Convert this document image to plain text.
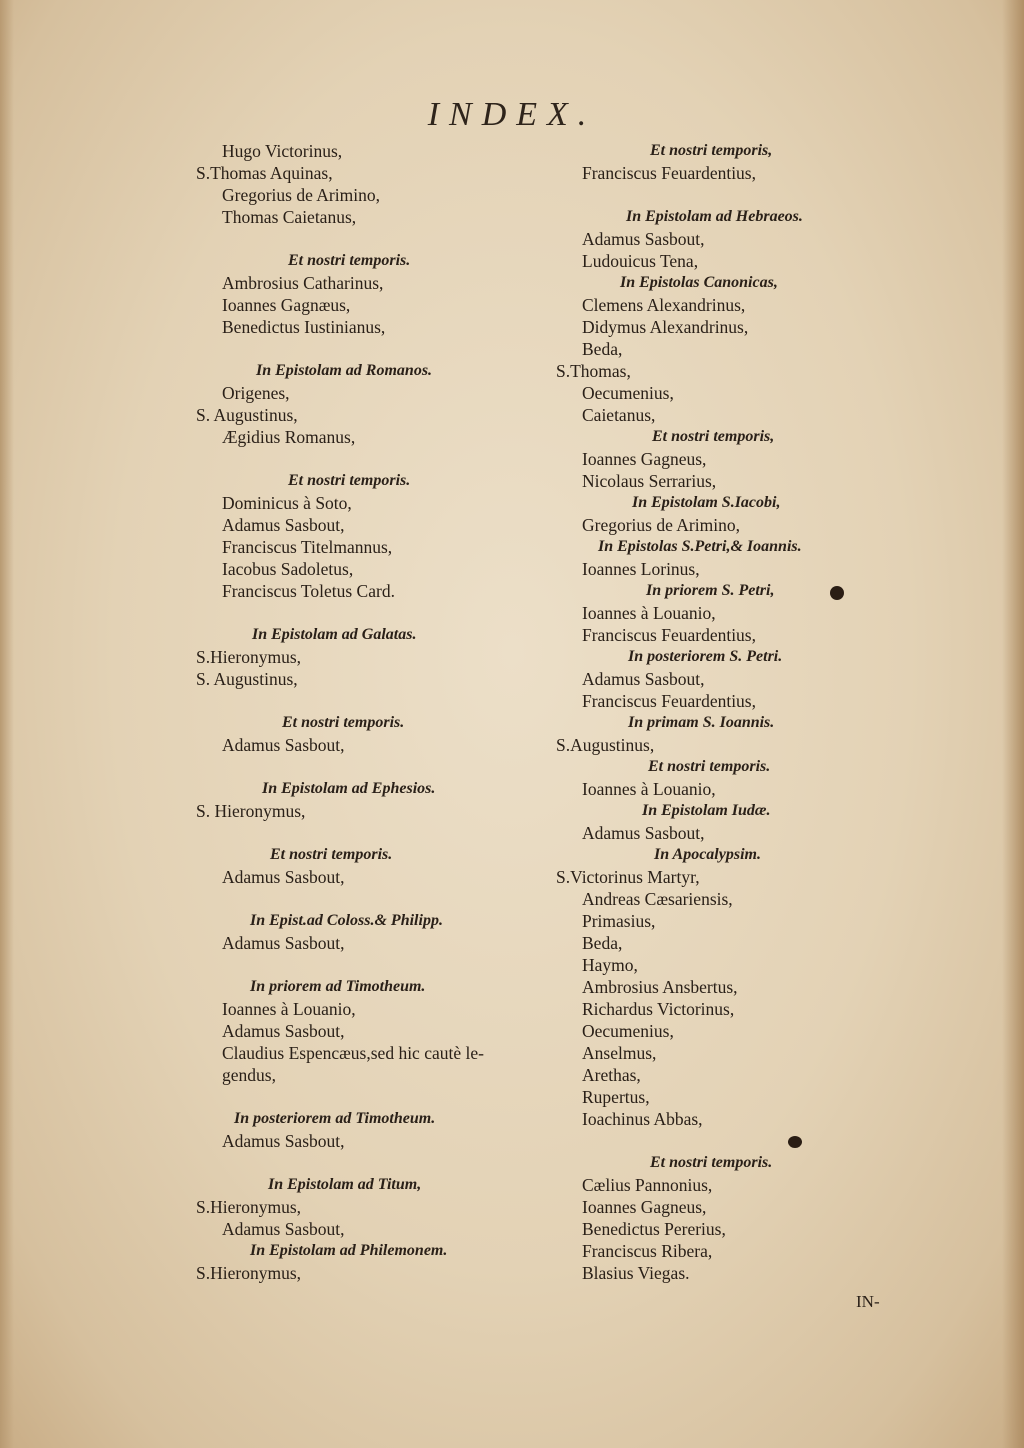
INDEX.
Hugo Victorinus,
S.Thomas Aquinas,
Gregorius de Arimino,
Thomas Caietanus,
Et nostri temporis.
Ambrosius Catharinus,
Ioannes Gagnæus,
Benedictus Iustinianus,
In Epistolam ad Romanos.
Origenes,
S. Augustinus,
Ægidius Romanus,
Et nostri temporis.
Dominicus à Soto,
Adamus Sasbout,
Franciscus Titelmannus,
Iacobus Sadoletus,
Franciscus Toletus Card.
In Epistolam ad Galatas.
S.Hieronymus,
S. Augustinus,
Et nostri temporis.
Adamus Sasbout,
In Epistolam ad Ephesios.
S. Hieronymus,
Et nostri temporis.
Adamus Sasbout,
In Epist.ad Coloss.& Philipp.
Adamus Sasbout,
In priorem ad Timotheum.
Ioannes à Louanio,
Adamus Sasbout,
Claudius Espencæus,sed hic cautè le-
gendus,
In posteriorem ad Timotheum.
Adamus Sasbout,
In Epistolam ad Titum,
S.Hieronymus,
Adamus Sasbout,
In Epistolam ad Philemonem.
S.Hieronymus,
Et nostri temporis,
Franciscus Feuardentius,
In Epistolam ad Hebraeos.
Adamus Sasbout,
Ludouicus Tena,
In Epistolas Canonicas,
Clemens Alexandrinus,
Didymus Alexandrinus,
Beda,
S.Thomas,
Oecumenius,
Caietanus,
Et nostri temporis,
Ioannes Gagneus,
Nicolaus Serrarius,
In Epistolam S.Iacobi,
Gregorius de Arimino,
In Epistolas S.Petri,& Ioannis.
Ioannes Lorinus,
In priorem S. Petri,
Ioannes à Louanio,
Franciscus Feuardentius,
In posteriorem S. Petri.
Adamus Sasbout,
Franciscus Feuardentius,
In primam S. Ioannis.
S.Augustinus,
Et nostri temporis.
Ioannes à Louanio,
In Epistolam Iudæ.
Adamus Sasbout,
In Apocalypsim.
S.Victorinus Martyr,
Andreas Cæsariensis,
Primasius,
Beda,
Haymo,
Ambrosius Ansbertus,
Richardus Victorinus,
Oecumenius,
Anselmus,
Arethas,
Rupertus,
Ioachinus Abbas,
Et nostri temporis.
Cælius Pannonius,
Ioannes Gagneus,
Benedictus Pererius,
Franciscus Ribera,
Blasius Viegas.
IN-
